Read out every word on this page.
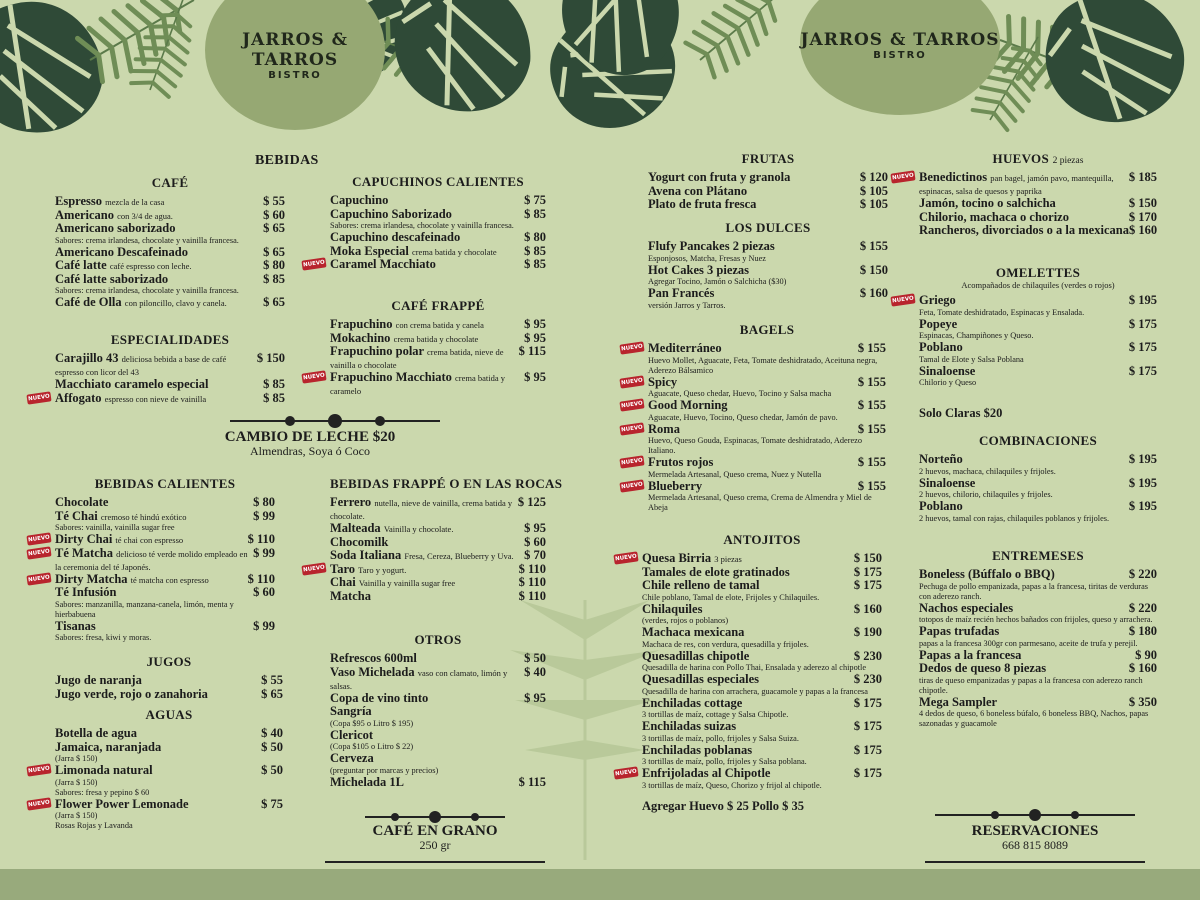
JARROS & TARROS
BISTRO
JARROS & TARROS
BISTRO
BEBIDAS
CAFÉ
Espresso mezcla de la casa	$ 55
Americano con 3/4 de agua.	$ 60
Americano saborizado	$ 65
Sabores: crema irlandesa, chocolate y vainilla francesa.
Americano Descafeinado	$ 65
Café latte café espresso con leche.	$ 80
Café latte saborizado	$ 85
Sabores: crema irlandesa, chocolate y vainilla francesa.
Café de Olla con piloncillo, clavo y canela.	$ 65
ESPECIALIDADES
Carajillo 43 deliciosa bebida a base de café espresso con licor del 43
$ 150
Macchiato caramelo especial	$ 85
NUEVO Affogato espresso con nieve de vainilla	$ 85
CAPUCHINOS CALIENTES
Capuchino	$ 75
Capuchino Saborizado	$ 85
Sabores: crema irlandesa, chocolate y vainilla francesa.
Capuchino descafeinado	$ 80
Moka Especial crema batida y chocolate	$ 85
NUEVO Caramel Macchiato	$ 85
CAFÉ FRAPPÉ
Frapuchino con crema batida y canela	$ 95
Mokachino crema batida y chocolate	$ 95
Frapuchino polar crema batida, nieve de vainilla o chocolate
$ 115
NUEVO Frapuchino Macchiato crema batida y caramelo
$ 95
CAMBIO DE LECHE $20
Almendras, Soya ó Coco
BEBIDAS CALIENTES
Chocolate	$ 80
Té Chai cremoso té hindú exótico	$ 99
Sabores: vainilla, vainilla sugar free
NUEVO Dirty Chai té chai con espresso	$ 110
NUEVO Té Matcha delicioso té verde molido empleado en la ceremonia del té Japonés.
$ 99
NUEVO Dirty Matcha té matcha con espresso	$ 110
Té Infusión	$ 60
Sabores: manzanilla, manzana-canela, limón, menta y hierbabuena
Tisanas	$ 99
Sabores: fresa, kiwi y moras.
JUGOS
Jugo de naranja	$ 55
Jugo verde, rojo o zanahoria	$ 65
AGUAS
Botella de agua	$ 40
Jamaica, naranjada	$ 50
(Jarra $ 150)
NUEVO Limonada natural	$ 50
(Jarra $ 150)
Sabores: fresa y pepino $ 60
NUEVO Flower Power Lemonade	$ 75
(Jarra $ 150)
Rosas Rojas y Lavanda
BEBIDAS FRAPPÉ O EN LAS ROCAS
Ferrero nutella, nieve de vainilla, crema batida y chocolate.
$ 125
Malteada Vainilla y chocolate.	$ 95
Chocomilk	$ 60
Soda Italiana Fresa, Cereza, Blueberry y Uva. $ 70
NUEVO Taro Taro y yogurt.	$ 110
Chai Vainilla y vainilla sugar free	$ 110
Matcha	$ 110
OTROS
Refrescos 600ml	$ 50
Vaso Michelada vaso con clamato, limón y salsas.
$ 40
Copa de vino tinto	$ 95
Sangría
(Copa $95 o Litro $ 195)
Clericot
(Copa $105 o Litro $ 22)
Cerveza
(preguntar por marcas y precios)
Michelada 1L	$ 115
CAFÉ EN GRANO
250 gr
FRUTAS
Yogurt con fruta y granola	$ 120
Avena con Plátano	$ 105
Plato de fruta fresca	$ 105
LOS DULCES
Flufy Pancakes 2 piezas	$ 155
Esponjosos, Matcha, Fresas y Nuez
Hot Cakes 3 piezas	$ 150
Agregar Tocino, Jamón o Salchicha ($30)
Pan Francés	$ 160
versión Jarros y Tarros.
BAGELS
NUEVO Mediterráneo	$ 155
Huevo Mollet, Aguacate, Feta, Tomate deshidratado, Aceituna negra, Aderezo Bálsamico
NUEVO Spicy	$ 155
Aguacate, Queso chedar, Huevo, Tocino y Salsa macha
NUEVO Good Morning	$ 155
Aguacate, Huevo, Tocino, Queso chedar, Jamón de pavo.
NUEVO Roma	$ 155
Huevo, Queso Gouda, Espinacas, Tomate deshidratado, Aderezo Italiano.
NUEVO Frutos rojos	$ 155
Mermelada Artesanal, Queso crema, Nuez y Nutella
NUEVO Blueberry	$ 155
Mermelada Artesanal, Queso crema, Crema de Almendra y Miel de Abeja
ANTOJITOS
NUEVO Quesa Birria 3 piezas	$ 150
Tamales de elote gratinados	$ 175
Chile relleno de tamal	$ 175
Chile poblano, Tamal de elote, Frijoles y Chilaquiles.
Chilaquiles	$ 160
(verdes, rojos o poblanos)
Machaca mexicana	$ 190
Machaca de res, con verdura, quesadilla y frijoles.
Quesadillas chipotle	$ 230
Quesadilla de harina con Pollo Thai, Ensalada y aderezo al chipotle
Quesadillas especiales	$ 230
Quesadilla de harina con arrachera, guacamole y papas a la francesa
Enchiladas cottage	$ 175
3 tortillas de maíz, cottage y Salsa Chipotle.
Enchiladas suizas	$ 175
3 tortillas de maíz, pollo, frijoles y Salsa Suiza.
Enchiladas poblanas	$ 175
3 tortillas de maíz, pollo, frijoles y Salsa poblana.
NUEVO Enfrijoladas al Chipotle	$ 175
3 tortillas de maíz, Queso, Chorizo y frijol al chipotle.
Agregar Huevo $ 25 Pollo $ 35
HUEVOS 2 piezas
NUEVO Benedictinos pan bagel, jamón pavo, mantequilla, espinacas, salsa de quesos y paprika
$ 185
Jamón, tocino o salchicha	$ 150
Chilorio, machaca o chorizo	$ 170
Rancheros, divorciados o a la mexicana $ 160
OMELETTES
Acompañados de chilaquiles (verdes o rojos)
NUEVO Griego	$ 195
Feta, Tomate deshidratado, Espinacas y Ensalada.
Popeye	$ 175
Espinacas, Champiñones y Queso.
Poblano	$ 175
Tamal de Elote y Salsa Poblana
Sinaloense	$ 175
Chilorio y Queso
Solo Claras $20
COMBINACIONES
Norteño	$ 195
2 huevos, machaca, chilaquiles y frijoles.
Sinaloense	$ 195
2 huevos, chilorio, chilaquiles y frijoles.
Poblano	$ 195
2 huevos, tamal con rajas, chilaquiles poblanos y frijoles.
ENTREMESES
Boneless (Búffalo o BBQ)	$ 220
Pechuga de pollo empanizada, papas a la francesa, tiritas de verduras con aderezo ranch.
Nachos especiales	$ 220
totopos de maíz recién hechos bañados con frijoles, queso y arrachera.
Papas trufadas	$ 180
papas a la francesa 300gr con parmesano, aceite de trufa y perejil.
Papas a la francesa	$ 90
Dedos de queso 8 piezas	$ 160
tiras de queso empanizadas y papas a la francesa con aderezo ranch chipotle.
Mega Sampler	$ 350
4 dedos de queso, 6 boneless búfalo, 6 boneless BBQ, Nachos, papas sazonadas y guacamole
RESERVACIONES
668 815 8089
